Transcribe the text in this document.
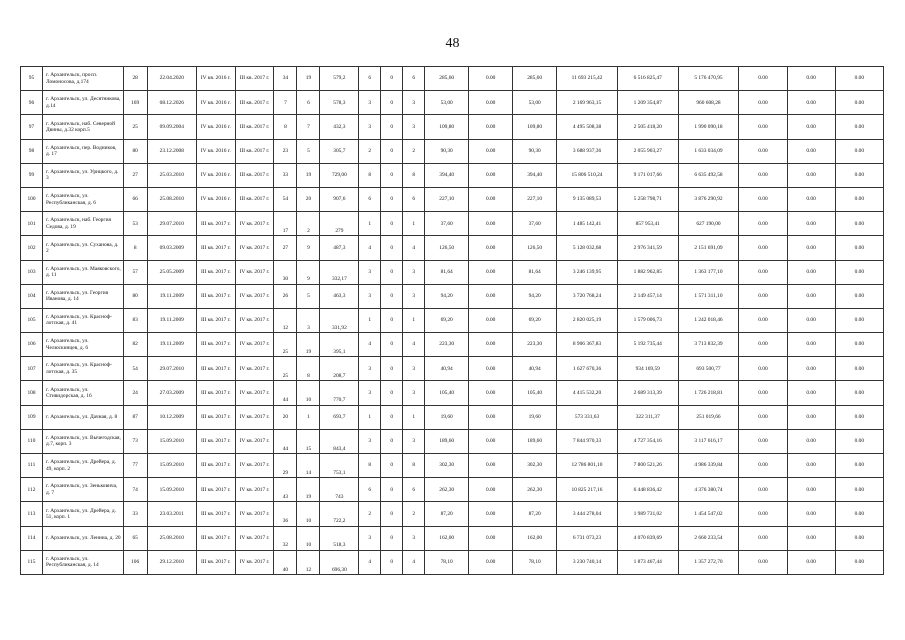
48
95	г. Архангельск, просп. Ломоносова, д.174	28	22.04.2020	IV кв. 2016 г.	III кв. 2017 г.	34	19	579,2	6	0	6	285,60	0.00	285,60	11 693 215,42	6 516 825,47	5 176 470,95	0.00	0.00	0.00
96	г. Архангельск, ул. Десятникова, д.14	169	08.12.2026	IV кв. 2016 г.	III кв. 2017 г.	7	6	578,3	3	0	3	53,00	0.00	53,00	2 169 963,15	1 209 354,87	960 608,28	0.00	0.00	0.00
97	г. Архангельск, наб. Северной Двины, д.32 корп.5	25	09.09.2004	IV кв. 2016 г.	III кв. 2017 г.	8	7	432,3	3	0	3	109,80	0.00	109,80	4 495 508,38	2 505 418,20	1 990 090,18	0.00	0.00	0.00
98	г. Архангельск, пер. Водников, д. 17	80	23.12.2008	IV кв. 2016 г.	III кв. 2017 г.	23	5	305,7	2	0	2	90,30	0.00	90,30	3 688 937,36	2 055 903,27	1 633 034,09	0.00	0.00	0.00
99	г. Архангельск, ул. Урицкого, д. 3	27	25.03.2010	IV кв. 2016 г.	III кв. 2017 г.	33	19	729,00	8	0	8	394,40	0.00	394,40	15 806 510,24	9 171 017,66	6 635 492,58	0.00	0.00	0.00
100	г. Архангельск, ул. Республиканская, д. 6	66	25.08.2010	IV кв. 2016 г.	III кв. 2017 г.	54	20	907,6	6	0	6	227,10	0.00	227,10	9 135 089,53	5 258 798,71	3 876 290,92	0.00	0.00	0.00
101	г. Архангельск, наб. Георгия Седова, д. 19	53	29.07.2010	III кв. 2017 г.	IV кв. 2017 г.	17	2	279	1	0	1	37,60	0.00	37,60	1 485 142,41	857 953,41	627 190,00	0.00	0.00	0.00
102	г. Архангельск, ул. Суханова, д. 2	8	09.03.2009	III кв. 2017 г.	IV кв. 2017 г.	27	9	487,3	4	0	4	126,50	0.00	126,50	5 128 032,68	2 976 341,59	2 151 691,09	0.00	0.00	0.00
103	г. Архангельск, ул. Маяковского, д. 11	57	25.05.2009	III кв. 2017 г.	IV кв. 2017 г.	30	9	332,17	3	0	3	81,64	0.00	81,64	3 246 139,95	1 882 962,85	1 363 177,10	0.00	0.00	0.00
104	г. Архангельск, ул. Георгия Иванова, д. 14	80	19.11.2009	III кв. 2017 г.	IV кв. 2017 г.	26	5	463,3	3	0	3	94,20	0.00	94,20	3 720 768,24	2 149 457,14	1 571 311,10	0.00	0.00	0.00
105	г. Архангельск, ул. Краснофлотская, д. 41	83	19.11.2009	III кв. 2017 г.	IV кв. 2017 г.	12	3	331,92	1	0	1	69,20	0.00	69,20	2 820 025,19	1 579 006,73	1 242 018,46	0.00	0.00	0.00
106	г. Архангельск, ул. Челюскинцев, д. 6	82	19.11.2009	III кв. 2017 г.	IV кв. 2017 г.	25	19	395,1	4	0	4	223,30	0.00	223,30	8 906 367,83	5 192 735,44	3 713 832,39	0.00	0.00	0.00
107	г. Архангельск, ул. Краснофлотская, д. 35	54	29.07.2010	III кв. 2017 г.	IV кв. 2017 г.	25	8	208,7	3	0	3	40,94	0.00	40,94	1 627 670,36	934 169,59	693 500,77	0.00	0.00	0.00
108	г. Архангельск, ул. Стивидорская, д. 16	24	27.03.2009	III кв. 2017 г.	IV кв. 2017 г.	44	10	770,7	3	0	3	105,40	0.00	105,40	4 415 532,20	2 689 313,39	1 726 218,81	0.00	0.00	0.00
109	г. Архангельск, ул. Дачная, д. 8	87	10.12.2009	III кв. 2017 г.	IV кв. 2017 г.	20	1	693,7	1	0	1	19,60	0.00	19,60	573 331,63	322 311,37	251 019,66	0.00	0.00	0.00
110	г. Архангельск, ул. Вычегодская, д.7, корп. 3	73	15.09.2010	III кв. 2017 г.	IV кв. 2017 г.	44	15	843,4	3	0	3	189,60	0.00	189,60	7 844 970,33	4 727 354,16	3 117 616,17	0.00	0.00	0.00
111	г. Архангельск, ул. Дрейера, д. 49, корп. 2	77	15.09.2010	III кв. 2017 г.	IV кв. 2017 г.	29	14	753,1	8	0	8	302,30	0.00	302,30	12 786 801,10	7 800 521,26	4 986 339,84	0.00	0.00	0.00
112	г. Архангельск, ул. Зеньковича, д. 7	74	15.09.2010	III кв. 2017 г.	IV кв. 2017 г.	43	19	743	6	0	6	262,30	0.00	262,30	10 825 217,16	6 448 836,42	4 376 380,74	0.00	0.00	0.00
113	г. Архангельск, ул. Дрейера, д. 51, корп. 1	33	23.03.2011	III кв. 2017 г.	IV кв. 2017 г.	36	10	722,2	2	0	2	87,20	0.00	87,20	3 444 278,04	1 989 731,02	1 454 547,02	0.00	0.00	0.00
114	г. Архангельск, ул. Ленина, д. 20	65	25.08.2010	III кв. 2017 г.	IV кв. 2017 г.	32	10	518,3	3	0	3	162,00	0.00	162,00	6 731 073,23	4 070 839,69	2 660 233,54	0.00	0.00	0.00
115	г. Архангельск, ул. Республиканская, д. 14	106	29.12.2010	III кв. 2017 г.	IV кв. 2017 г.	40	12	696,30	4	0	4	78,10	0.00	78,10	3 230 740,14	1 873 467,44	1 357 272,70	0.00	0.00	0.00
